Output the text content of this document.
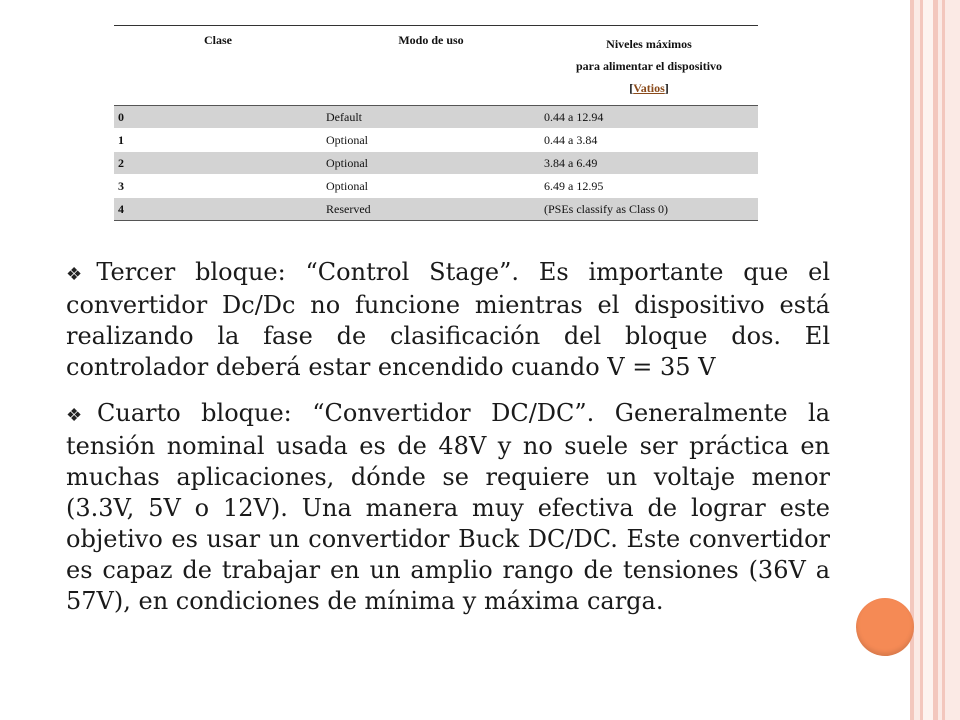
Clase	Modo de uso	Niveles máximos
para alimentar el dispositivo
[Vatios]
0	Default	0.44 a 12.94
1	Optional	0.44 a 3.84
2	Optional	3.84 a 6.49
3	Optional	6.49 a 12.95
4	Reserved	(PSEs classify as Class 0)

❖Tercer bloque: “Control Stage”. Es importante que el convertidor Dc/Dc no funcione mientras el dispositivo está realizando la fase de clasificación del bloque dos. El controlador deberá estar encendido cuando V = 35 V

❖Cuarto bloque: “Convertidor DC/DC”. Generalmente la tensión nominal usada es de 48V y no suele ser práctica en muchas aplicaciones, dónde se requiere un voltaje menor (3.3V, 5V o 12V). Una manera muy efectiva de lograr este objetivo es usar un convertidor Buck DC/DC. Este convertidor es capaz de trabajar en un amplio rango de tensiones (36V a 57V), en condiciones de mínima y máxima carga.
